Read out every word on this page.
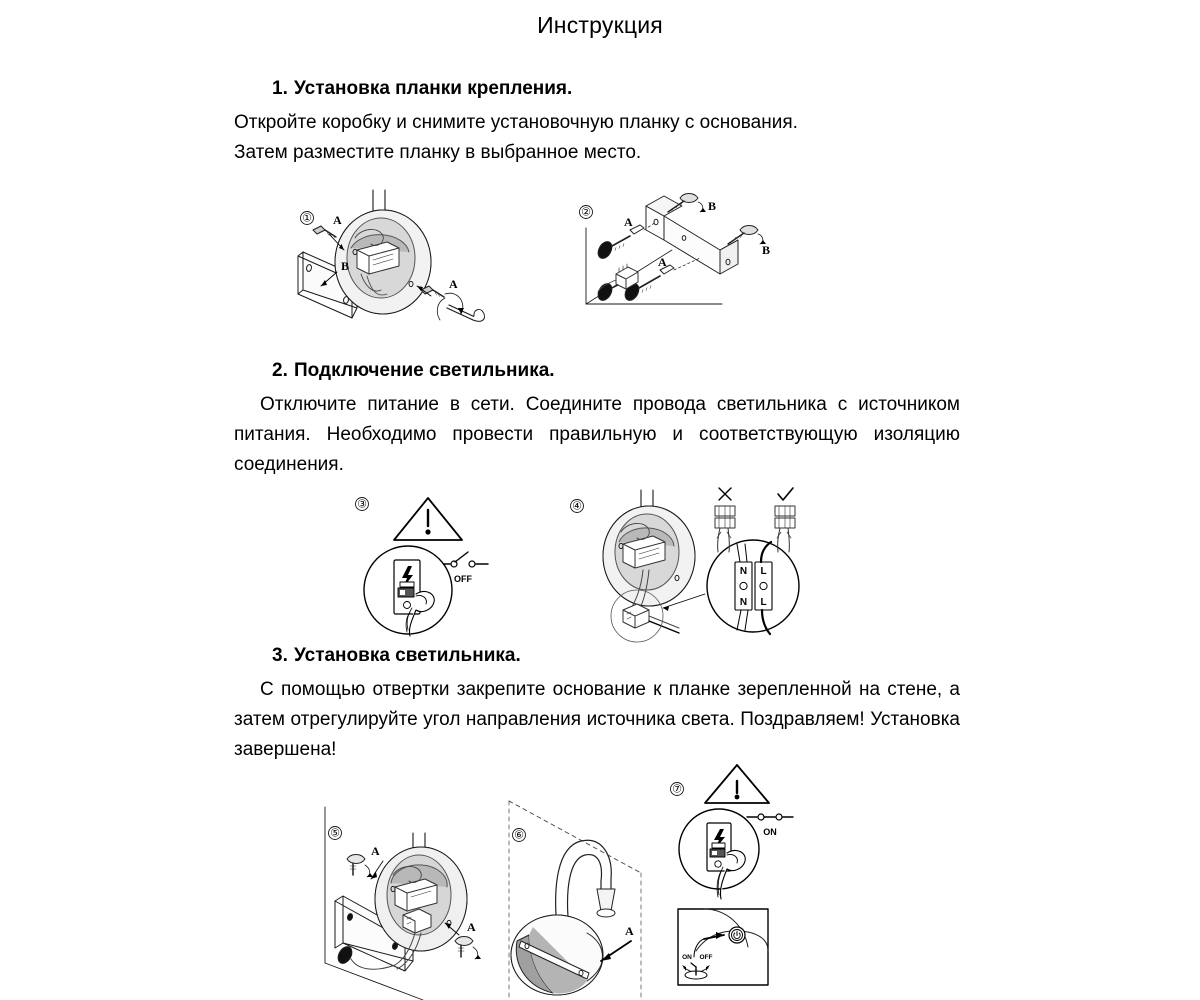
Инструкция
1. Установка планки крепления.

Откройте коробку и снимите установочную планку с основания.

Затем разместите планку в выбранное место.

① A
B
A
②
A
A
B
B
2. Подключение светильника.

Отключите питание в сети. Соедините провода светильника с источником питания. Необходимо провести правильную и соответствующую изоляцию соединения.

③
OFF
④
N L
N L
3. Установка светильника.

С помощью отвертки закрепите основание к планке зерепленной на стене, а затем отрегулируйте угол направления источника света. Поздравляем! Установка завершена!

⑤
A
A
⑥
A
⑦
ON
ON OFF
